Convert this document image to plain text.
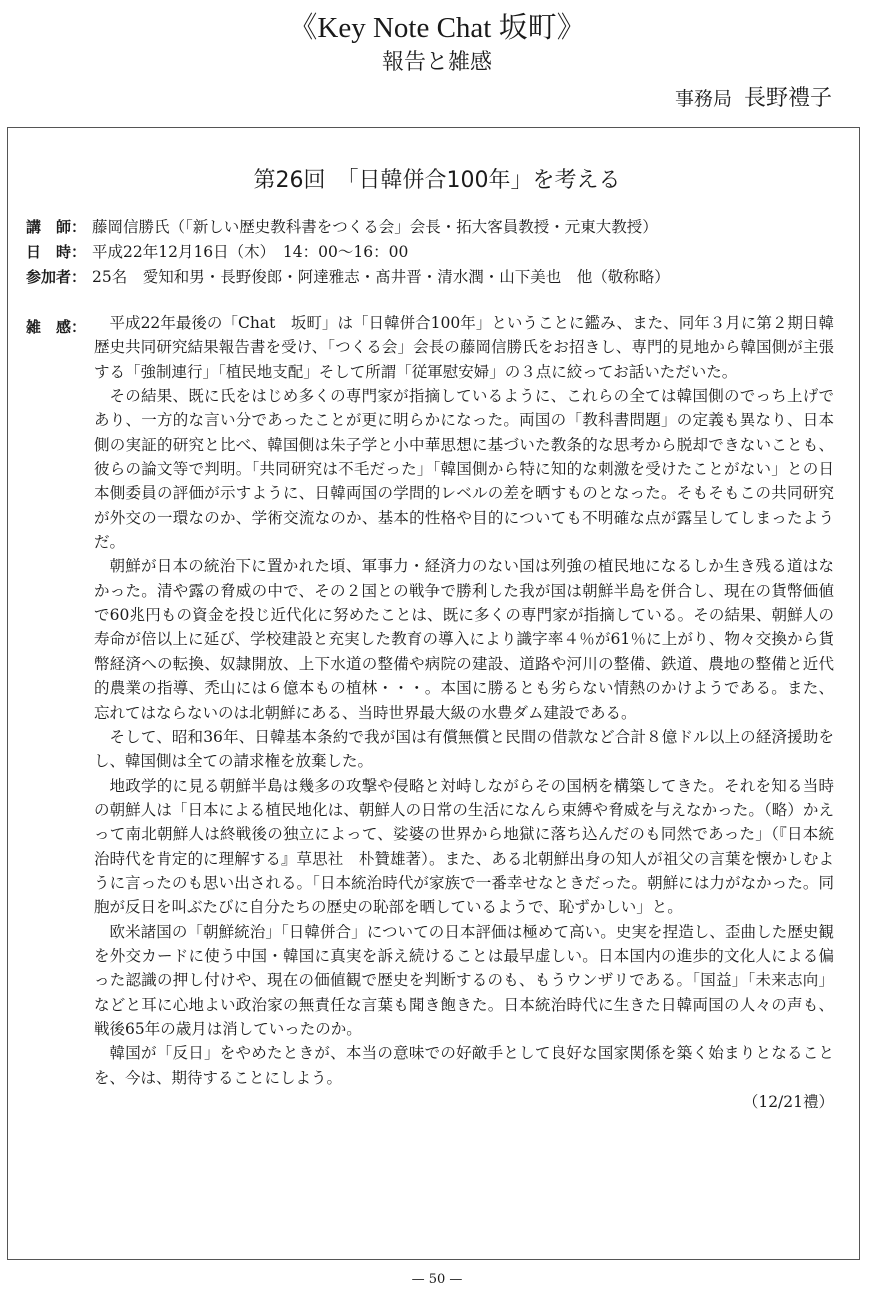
《Key Note Chat 坂町》
報告と雑感
事務局 長野禮子
第26回　「日韓併合100年」を考える
講　師： 藤岡信勝氏（「新しい歴史教科書をつくる会」会長・拓大客員教授・元東大教授）
日　時： 平成22年12月16日（木）　14：00〜16：00
参加者： 25名　愛知和男・長野俊郎・阿達雅志・髙井晋・清水潤・山下美也　他（敬称略）
雑　感：	平成22年最後の「Chat　坂町」は「日韓併合100年」ということに鑑み、また、同年３月に第２期日韓歴史共同研究結果報告書を受け、「つくる会」会長の藤岡信勝氏をお招きし、専門的見地から韓国側が主張する「強制連行」「植民地支配」そして所謂「従軍慰安婦」の３点に絞ってお話いただいた。

その結果、既に氏をはじめ多くの専門家が指摘しているように、これらの全ては韓国側のでっち上げであり、一方的な言い分であったことが更に明らかになった。両国の「教科書問題」の定義も異なり、日本側の実証的研究と比べ、韓国側は朱子学と小中華思想に基づいた教条的な思考から脱却できないことも、彼らの論文等で判明。「共同研究は不毛だった」「韓国側から特に知的な刺激を受けたことがない」との日本側委員の評価が示すように、日韓両国の学問的レベルの差を晒すものとなった。そもそもこの共同研究が外交の一環なのか、学術交流なのか、基本的性格や目的についても不明確な点が露呈してしまったようだ。

朝鮮が日本の統治下に置かれた頃、軍事力・経済力のない国は列強の植民地になるしか生き残る道はなかった。清や露の脅威の中で、その２国との戦争で勝利した我が国は朝鮮半島を併合し、現在の貨幣価値で60兆円もの資金を投じ近代化に努めたことは、既に多くの専門家が指摘している。その結果、朝鮮人の寿命が倍以上に延び、学校建設と充実した教育の導入により識字率４％が61％に上がり、物々交換から貨幣経済への転換、奴隷開放、上下水道の整備や病院の建設、道路や河川の整備、鉄道、農地の整備と近代的農業の指導、禿山には６億本もの植林・・・。本国に勝るとも劣らない情熱のかけようである。また、忘れてはならないのは北朝鮮にある、当時世界最大級の水豊ダム建設である。

そして、昭和36年、日韓基本条約で我が国は有償無償と民間の借款など合計８億ドル以上の経済援助をし、韓国側は全ての請求権を放棄した。

地政学的に見る朝鮮半島は幾多の攻撃や侵略と対峙しながらその国柄を構築してきた。それを知る当時の朝鮮人は「日本による植民地化は、朝鮮人の日常の生活になんら束縛や脅威を与えなかった。（略）かえって南北朝鮮人は終戦後の独立によって、娑婆の世界から地獄に落ち込んだのも同然であった」（『日本統治時代を肯定的に理解する』草思社　朴贊雄著）。また、ある北朝鮮出身の知人が祖父の言葉を懐かしむように言ったのも思い出される。「日本統治時代が家族で一番幸せなときだった。朝鮮には力がなかった。同胞が反日を叫ぶたびに自分たちの歴史の恥部を晒しているようで、恥ずかしい」と。

欧米諸国の「朝鮮統治」「日韓併合」についての日本評価は極めて高い。史実を捏造し、歪曲した歴史観を外交カードに使う中国・韓国に真実を訴え続けることは最早虚しい。日本国内の進歩的文化人による偏った認識の押し付けや、現在の価値観で歴史を判断するのも、もうウンザリである。「国益」「未来志向」などと耳に心地よい政治家の無責任な言葉も聞き飽きた。日本統治時代に生きた日韓両国の人々の声も、戦後65年の歳月は消していったのか。

韓国が「反日」をやめたときが、本当の意味での好敵手として良好な国家関係を築く始まりとなることを、今は、期待することにしよう。

（12/21禮）
— 50 —
